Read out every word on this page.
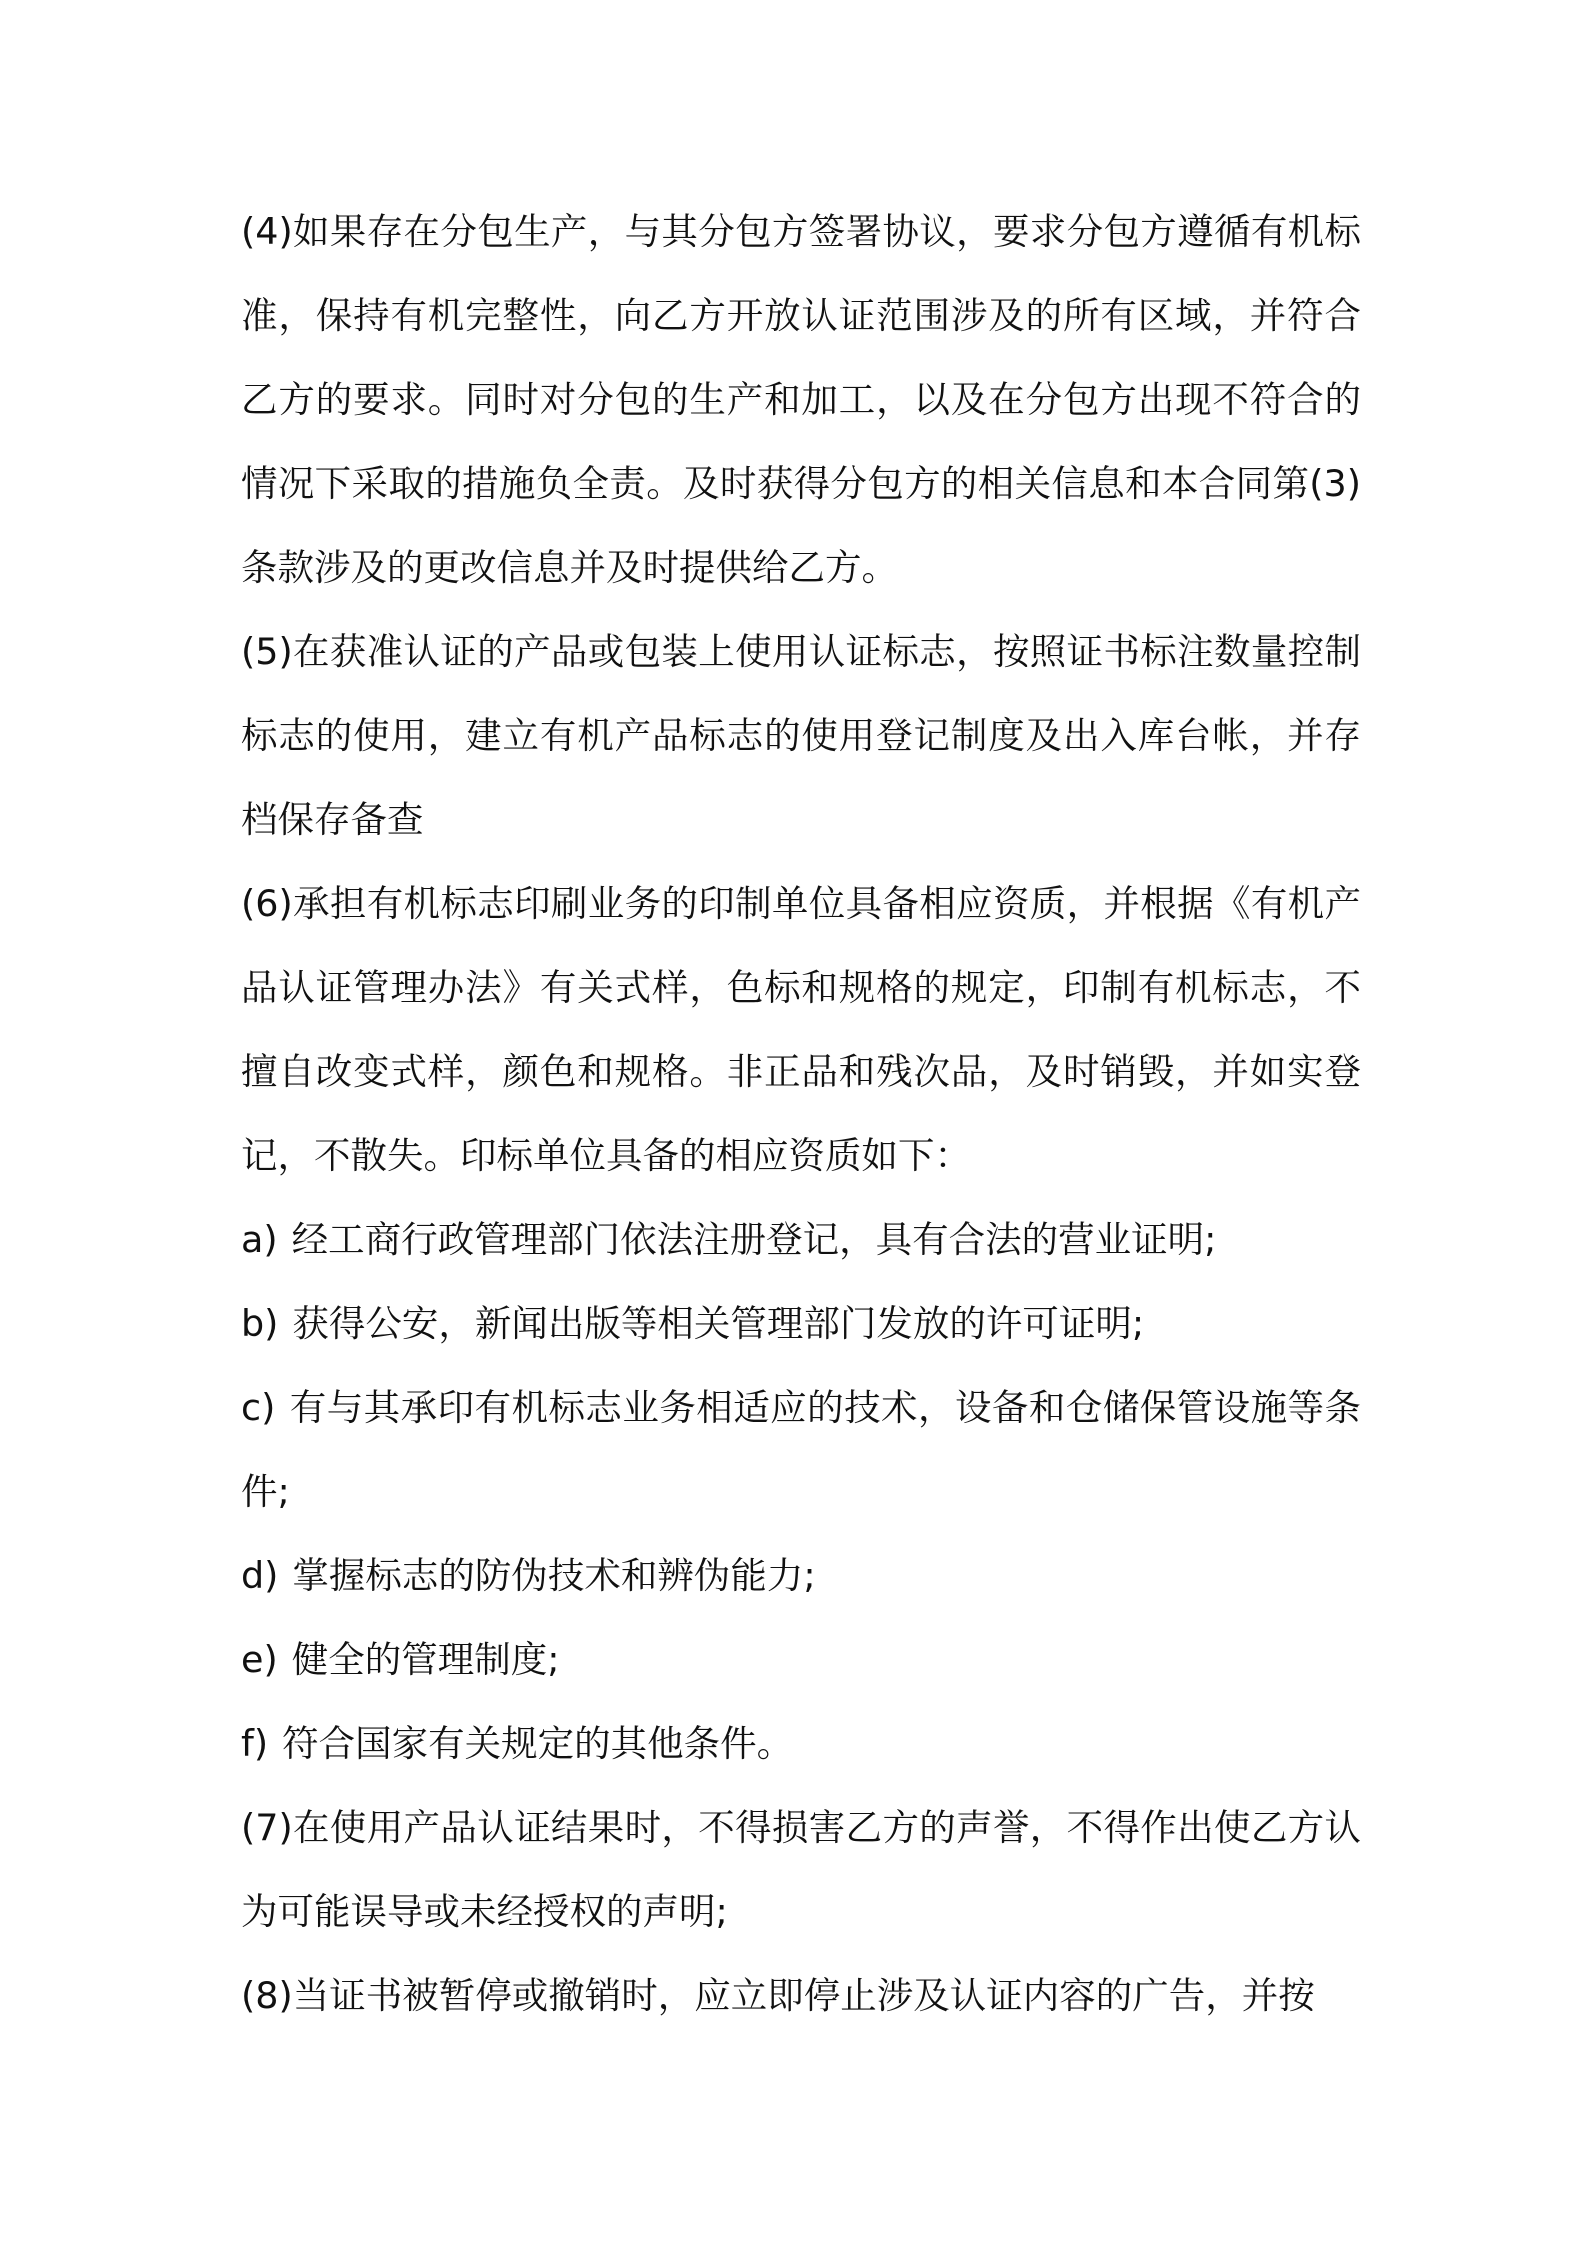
(4)如果存在分包生产，与其分包方签署协议，要求分包方遵循有机标准，保持有机完整性，向乙方开放认证范围涉及的所有区域，并符合乙方的要求。同时对分包的生产和加工，以及在分包方出现不符合的情况下采取的措施负全责。及时获得分包方的相关信息和本合同第(3)条款涉及的更改信息并及时提供给乙方。

(5)在获准认证的产品或包装上使用认证标志，按照证书标注数量控制标志的使用，建立有机产品标志的使用登记制度及出入库台帐，并存档保存备查

(6)承担有机标志印刷业务的印制单位具备相应资质，并根据《有机产品认证管理办法》有关式样，色标和规格的规定，印制有机标志，不擅自改变式样，颜色和规格。非正品和残次品，及时销毁，并如实登记，不散失。印标单位具备的相应资质如下：

a) 经工商行政管理部门依法注册登记，具有合法的营业证明;

b) 获得公安，新闻出版等相关管理部门发放的许可证明;

c) 有与其承印有机标志业务相适应的技术，设备和仓储保管设施等条件;

d) 掌握标志的防伪技术和辨伪能力;

e) 健全的管理制度;

f) 符合国家有关规定的其他条件。

(7)在使用产品认证结果时，不得损害乙方的声誉，不得作出使乙方认为可能误导或未经授权的声明;

(8)当证书被暂停或撤销时，应立即停止涉及认证内容的广告，并按
